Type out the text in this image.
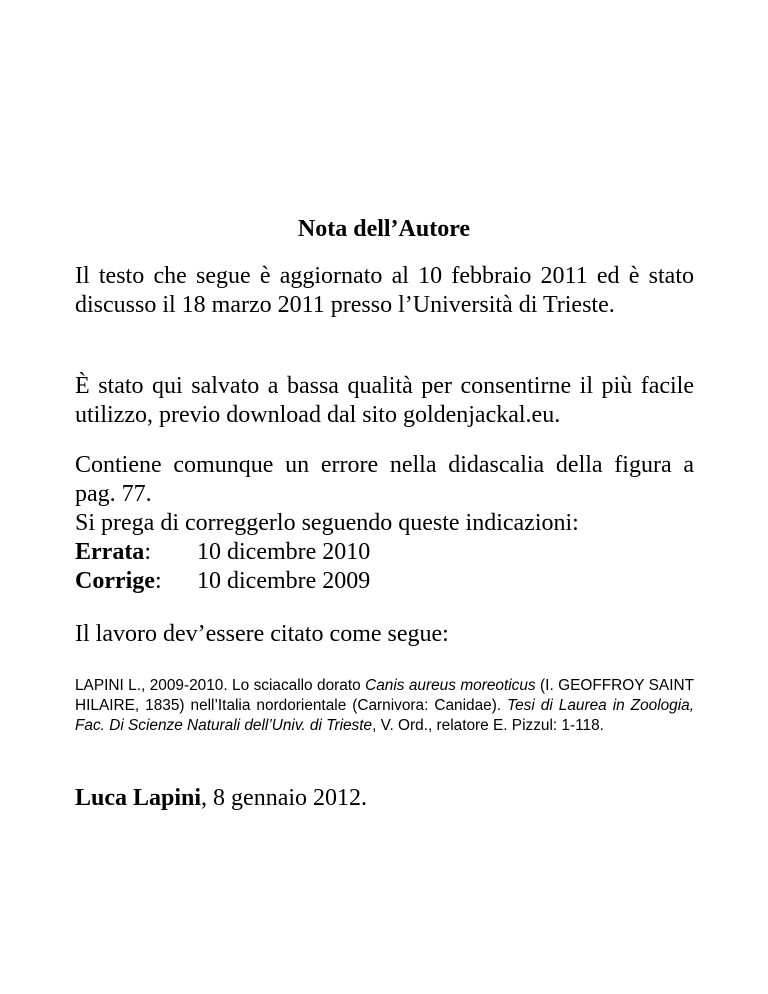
Nota dell’Autore

Il testo che segue è aggiornato al 10 febbraio 2011 ed è stato discusso il 18 marzo 2011 presso l’Università di Trieste.

È stato qui salvato a bassa qualità per consentirne il più facile utilizzo, previo download dal sito goldenjackal.eu.

Contiene comunque un errore nella didascalia della figura a pag. 77.
Si prega di correggerlo seguendo queste indicazioni:
Errata:	10 dicembre 2010
Corrige:	10 dicembre 2009

Il lavoro dev’essere citato come segue:

LAPINI L., 2009-2010. Lo sciacallo dorato Canis aureus moreoticus (I. GEOFFROY SAINT HILAIRE, 1835) nell’Italia nordorientale (Carnivora: Canidae). Tesi di Laurea in Zoologia, Fac. Di Scienze Naturali dell’Univ. di Trieste, V. Ord., relatore E. Pizzul: 1-118.

Luca Lapini, 8 gennaio 2012.
